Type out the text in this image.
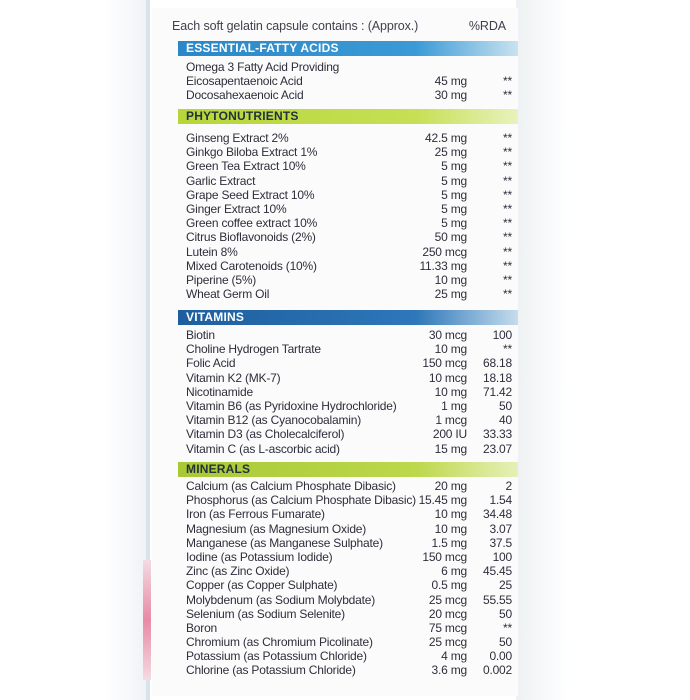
Each soft gelatin capsule contains : (Approx.)	%RDA
ESSENTIAL-FATTY ACIDS
Omega 3 Fatty Acid Providing
Eicosapentaenoic Acid	45 mg	**
Docosahexaenoic Acid	30 mg	**
PHYTONUTRIENTS
Ginseng Extract 2%	42.5 mg	**
Ginkgo Biloba Extract 1%	25 mg	**
Green Tea Extract 10%	5 mg	**
Garlic Extract	5 mg	**
Grape Seed Extract 10%	5 mg	**
Ginger Extract 10%	5 mg	**
Green coffee extract 10%	5 mg	**
Citrus Bioflavonoids (2%)	50 mg	**
Lutein 8%	250 mcg	**
Mixed Carotenoids (10%)	11.33 mg	**
Piperine (5%)	10 mg	**
Wheat Germ Oil	25 mg	**
VITAMINS
Biotin	30 mcg	100
Choline Hydrogen Tartrate	10 mg	**
Folic Acid	150 mcg	68.18
Vitamin K2 (MK-7)	10 mcg	18.18
Nicotinamide	10 mg	71.42
Vitamin B6 (as Pyridoxine Hydrochloride)	1 mg	50
Vitamin B12 (as Cyanocobalamin)	1 mcg	40
Vitamin D3 (as Cholecalciferol)	200 IU	33.33
Vitamin C (as L-ascorbic acid)	15 mg	23.07
MINERALS
Calcium (as Calcium Phosphate Dibasic)	20 mg	2
Phosphorus (as Calcium Phosphate Dibasic) 15.45 mg	1.54
Iron (as Ferrous Fumarate)	10 mg	34.48
Magnesium (as Magnesium Oxide)	10 mg	3.07
Manganese (as Manganese Sulphate)	1.5 mg	37.5
Iodine (as Potassium Iodide)	150 mcg	100
Zinc (as Zinc Oxide)	6 mg	45.45
Copper (as Copper Sulphate)	0.5 mg	25
Molybdenum (as Sodium Molybdate)	25 mcg	55.55
Selenium (as Sodium Selenite)	20 mcg	50
Boron	75 mcg	**
Chromium (as Chromium Picolinate)	25 mcg	50
Potassium (as Potassium Chloride)	4 mg	0.00
Chlorine (as Potassium Chloride)	3.6 mg	0.002
